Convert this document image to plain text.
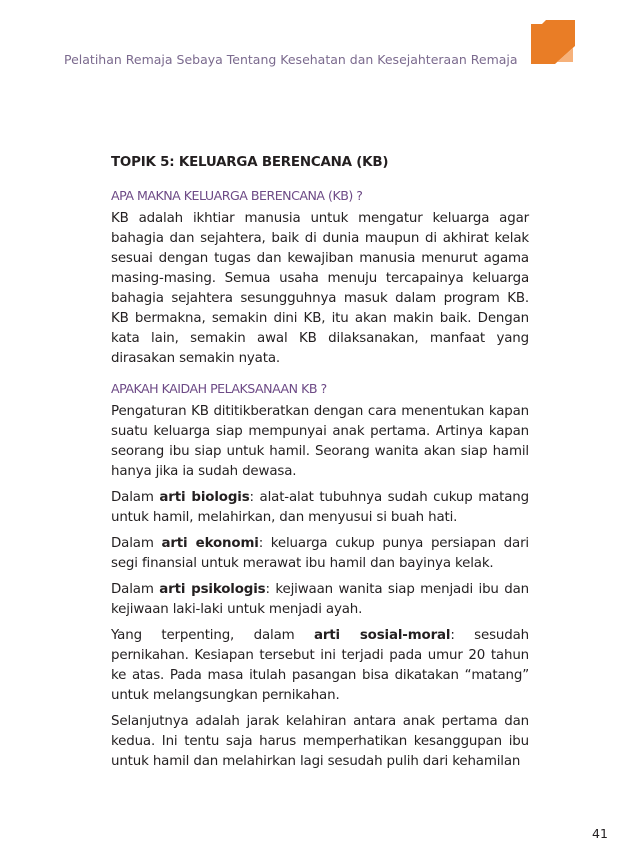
Pelatihan Remaja Sebaya Tentang Kesehatan dan Kesejahteraan Remaja
TOPIK 5: KELUARGA BERENCANA (KB)
APA MAKNA KELUARGA BERENCANA (KB) ?

KB adalah ikhtiar manusia untuk mengatur keluarga agar bahagia dan sejahtera, baik di dunia maupun di akhirat kelak sesuai dengan tugas dan kewajiban manusia menurut agama masing-masing. Semua usaha menuju tercapainya keluarga bahagia sejahtera sesungguhnya masuk dalam program KB. KB bermakna, semakin dini KB, itu akan makin baik. Dengan kata lain, semakin awal KB dilaksanakan, manfaat yang dirasakan semakin nyata.

APAKAH KAIDAH PELAKSANAAN KB ?

Pengaturan KB dititikberatkan dengan cara menentukan kapan suatu keluarga siap mempunyai anak pertama. Artinya kapan seorang ibu siap untuk hamil. Seorang wanita akan siap hamil hanya jika ia sudah dewasa.

Dalam arti biologis: alat-alat tubuhnya sudah cukup matang untuk hamil, melahirkan, dan menyusui si buah hati.

Dalam arti ekonomi: keluarga cukup punya persiapan dari segi finansial untuk merawat ibu hamil dan bayinya kelak.

Dalam arti psikologis: kejiwaan wanita siap menjadi ibu dan kejiwaan laki-laki untuk menjadi ayah.

Yang terpenting, dalam arti sosial-moral: sesudah pernikahan. Kesiapan tersebut ini terjadi pada umur 20 tahun ke atas. Pada masa itulah pasangan bisa dikatakan “matang” untuk melangsungkan pernikahan.

Selanjutnya adalah jarak kelahiran antara anak pertama dan kedua. Ini tentu saja harus memperhatikan kesanggupan ibu untuk hamil dan melahirkan lagi sesudah pulih dari kehamilan

41
